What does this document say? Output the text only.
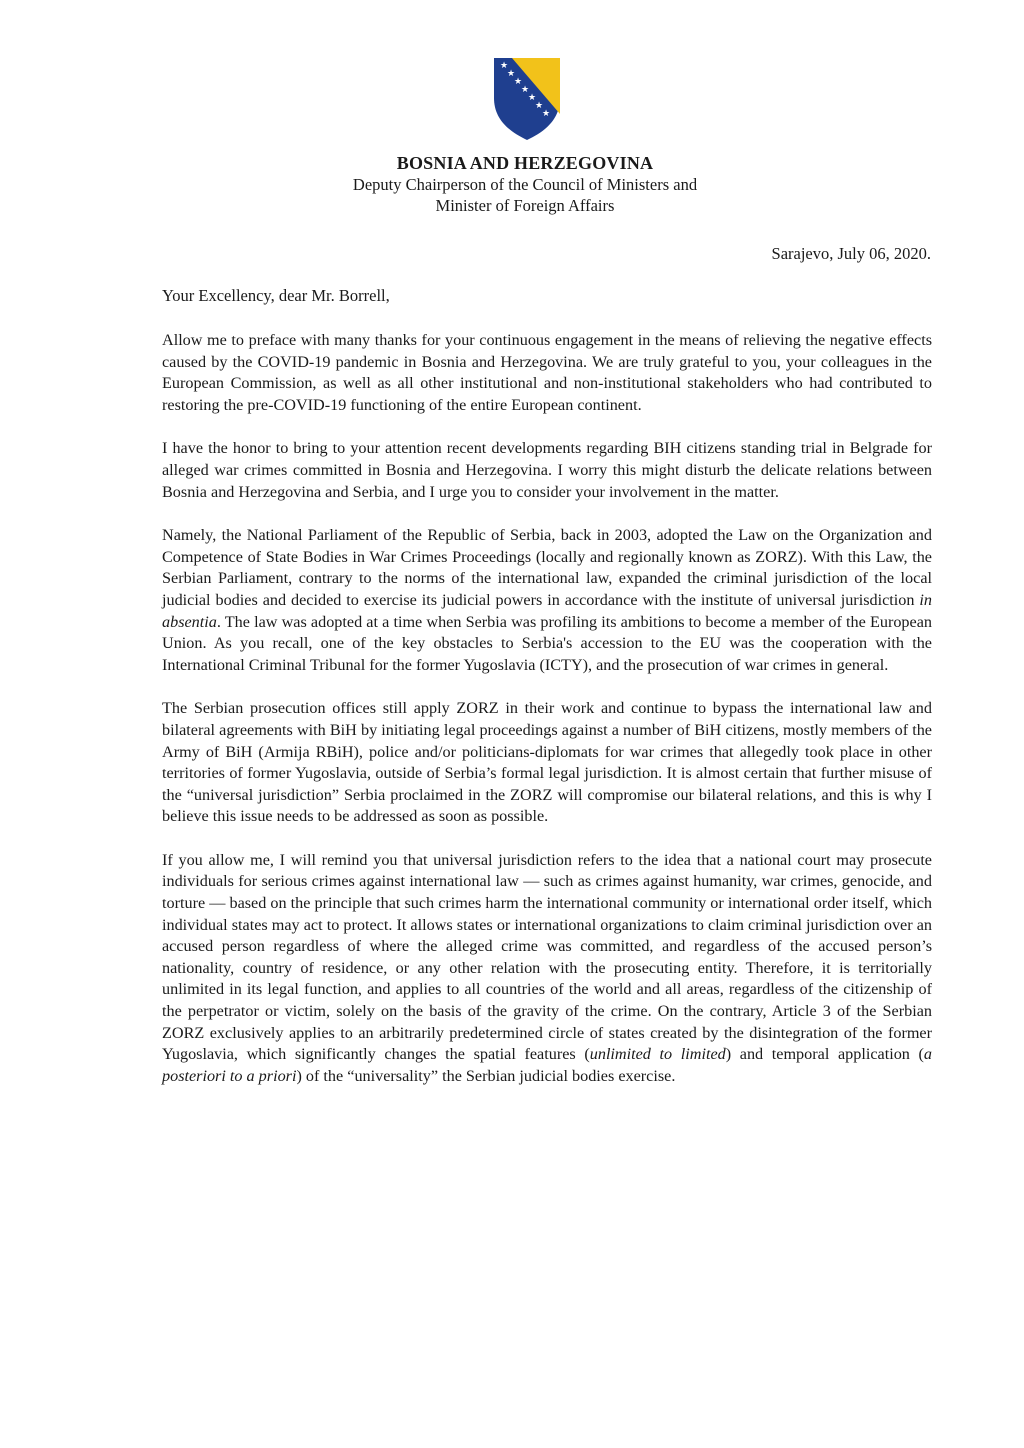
★
★
★
★
★
★
★
BOSNIA AND HERZEGOVINA
Deputy Chairperson of the Council of Ministers and
Minister of Foreign Affairs
Sarajevo, July 06, 2020.
Your Excellency, dear Mr. Borrell,

Allow me to preface with many thanks for your continuous engagement in the means of relieving the negative effects caused by the COVID-19 pandemic in Bosnia and Herzegovina. We are truly grateful to you, your colleagues in the European Commission, as well as all other institutional and non-institutional stakeholders who had contributed to restoring the pre-COVID-19 functioning of the entire European continent.

I have the honor to bring to your attention recent developments regarding BIH citizens standing trial in Belgrade for alleged war crimes committed in Bosnia and Herzegovina. I worry this might disturb the delicate relations between Bosnia and Herzegovina and Serbia, and I urge you to consider your involvement in the matter.

Namely, the National Parliament of the Republic of Serbia, back in 2003, adopted the Law on the Organization and Competence of State Bodies in War Crimes Proceedings (locally and regionally known as ZORZ). With this Law, the Serbian Parliament, contrary to the norms of the international law, expanded the criminal jurisdiction of the local judicial bodies and decided to exercise its judicial powers in accordance with the institute of universal jurisdiction in absentia. The law was adopted at a time when Serbia was profiling its ambitions to become a member of the European Union. As you recall, one of the key obstacles to Serbia's accession to the EU was the cooperation with the International Criminal Tribunal for the former Yugoslavia (ICTY), and the prosecution of war crimes in general.

The Serbian prosecution offices still apply ZORZ in their work and continue to bypass the international law and bilateral agreements with BiH by initiating legal proceedings against a number of BiH citizens, mostly members of the Army of BiH (Armija RBiH), police and/or politicians-diplomats for war crimes that allegedly took place in other territories of former Yugoslavia, outside of Serbia’s formal legal jurisdiction. It is almost certain that further misuse of the “universal jurisdiction” Serbia proclaimed in the ZORZ will compromise our bilateral relations, and this is why I believe this issue needs to be addressed as soon as possible.

If you allow me, I will remind you that universal jurisdiction refers to the idea that a national court may prosecute individuals for serious crimes against international law — such as crimes against humanity, war crimes, genocide, and torture — based on the principle that such crimes harm the international community or international order itself, which individual states may act to protect. It allows states or international organizations to claim criminal jurisdiction over an accused person regardless of where the alleged crime was committed, and regardless of the accused person’s nationality, country of residence, or any other relation with the prosecuting entity. Therefore, it is territorially unlimited in its legal function, and applies to all countries of the world and all areas, regardless of the citizenship of the perpetrator or victim, solely on the basis of the gravity of the crime. On the contrary, Article 3 of the Serbian ZORZ exclusively applies to an arbitrarily predetermined circle of states created by the disintegration of the former Yugoslavia, which significantly changes the spatial features (unlimited to limited) and temporal application (a posteriori to a priori) of the “universality” the Serbian judicial bodies exercise.
